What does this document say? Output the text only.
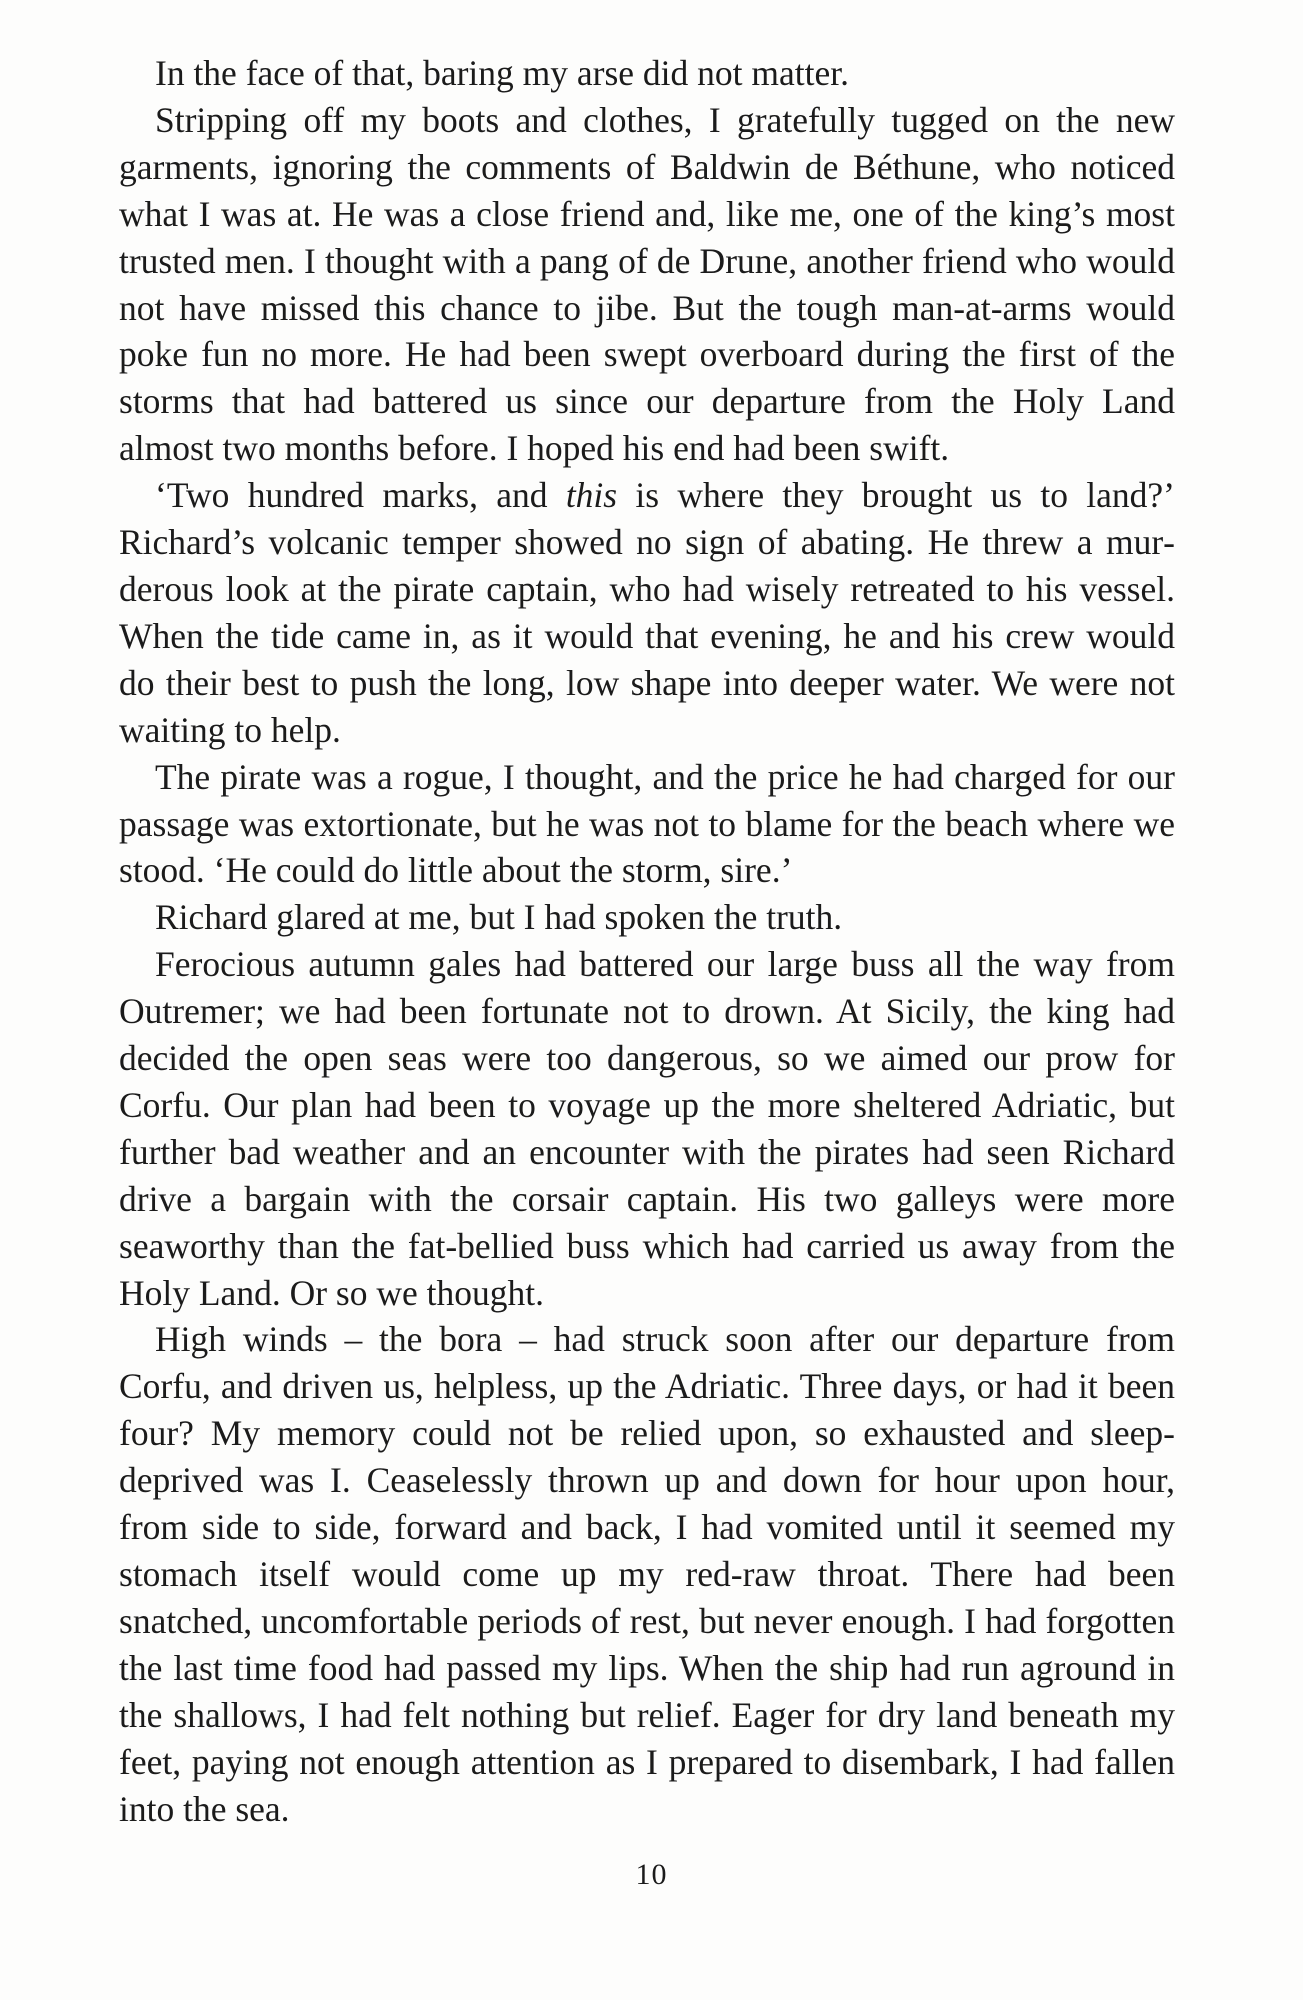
In the face of that, baring my arse did not matter.

Stripping off my boots and clothes, I gratefully tugged on the new garments, ignoring the comments of Baldwin de Béthune, who noticed what I was at. He was a close friend and, like me, one of the king’s most trusted men. I thought with a pang of de Drune, another friend who would not have missed this chance to jibe. But the tough man-at-arms would poke fun no more. He had been swept overboard during the first of the storms that had battered us since our departure from the Holy Land almost two months before. I hoped his end had been swift.

‘Two hundred marks, and this is where they brought us to land?’ Richard’s volcanic temper showed no sign of abating. He threw a murderous look at the pirate captain, who had wisely retreated to his vessel. When the tide came in, as it would that evening, he and his crew would do their best to push the long, low shape into deeper water. We were not waiting to help.

The pirate was a rogue, I thought, and the price he had charged for our passage was extortionate, but he was not to blame for the beach where we stood. ‘He could do little about the storm, sire.’

Richard glared at me, but I had spoken the truth.

Ferocious autumn gales had battered our large buss all the way from Outremer; we had been fortunate not to drown. At Sicily, the king had decided the open seas were too dangerous, so we aimed our prow for Corfu. Our plan had been to voyage up the more sheltered Adriatic, but further bad weather and an encounter with the pirates had seen Richard drive a bargain with the corsair captain. His two galleys were more seaworthy than the fat-bellied buss which had carried us away from the Holy Land. Or so we thought.

High winds – the bora – had struck soon after our departure from Corfu, and driven us, helpless, up the Adriatic. Three days, or had it been four? My memory could not be relied upon, so exhausted and sleep-deprived was I. Ceaselessly thrown up and down for hour upon hour, from side to side, forward and back, I had vomited until it seemed my stomach itself would come up my red-raw throat. There had been snatched, uncomfortable periods of rest, but never enough. I had forgotten the last time food had passed my lips. When the ship had run aground in the shallows, I had felt nothing but relief. Eager for dry land beneath my feet, paying not enough attention as I prepared to disembark, I had fallen into the sea.

10
